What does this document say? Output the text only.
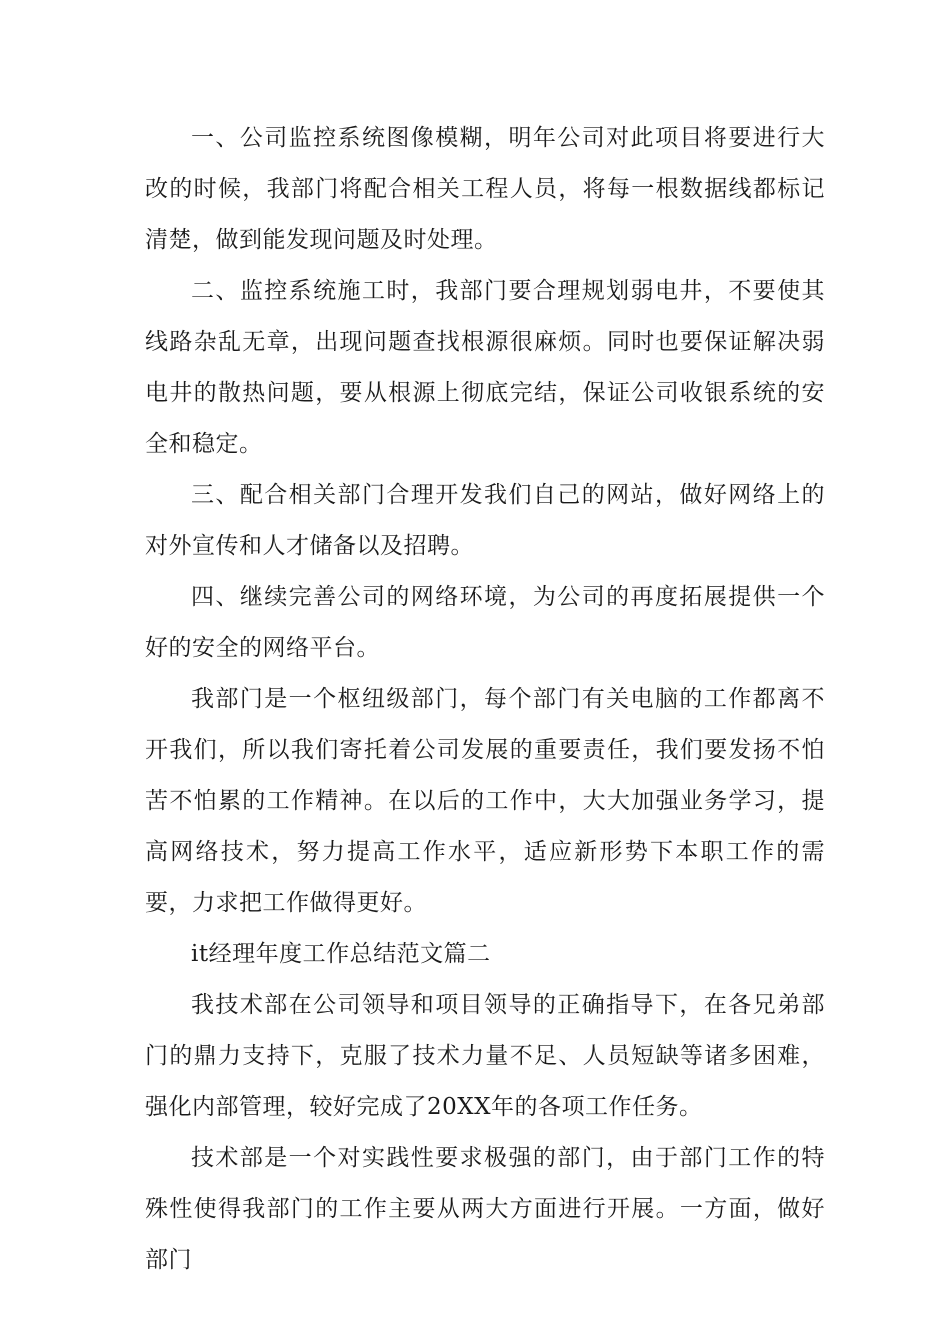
一、公司监控系统图像模糊，明年公司对此项目将要进行大改的时候，我部门将配合相关工程人员，将每一根数据线都标记清楚，做到能发现问题及时处理。

二、监控系统施工时，我部门要合理规划弱电井，不要使其线路杂乱无章，出现问题查找根源很麻烦。同时也要保证解决弱电井的散热问题，要从根源上彻底完结，保证公司收银系统的安全和稳定。

三、配合相关部门合理开发我们自己的网站，做好网络上的对外宣传和人才储备以及招聘。

四、继续完善公司的网络环境，为公司的再度拓展提供一个好的安全的网络平台。

我部门是一个枢纽级部门，每个部门有关电脑的工作都离不开我们，所以我们寄托着公司发展的重要责任，我们要发扬不怕苦不怕累的工作精神。在以后的工作中，大大加强业务学习，提高网络技术，努力提高工作水平，适应新形势下本职工作的需要，力求把工作做得更好。

it经理年度工作总结范文篇二

我技术部在公司领导和项目领导的正确指导下，在各兄弟部门的鼎力支持下，克服了技术力量不足、人员短缺等诸多困难，强化内部管理，较好完成了20XX年的各项工作任务。

技术部是一个对实践性要求极强的部门，由于部门工作的特殊性使得我部门的工作主要从两大方面进行开展。一方面，做好部门
